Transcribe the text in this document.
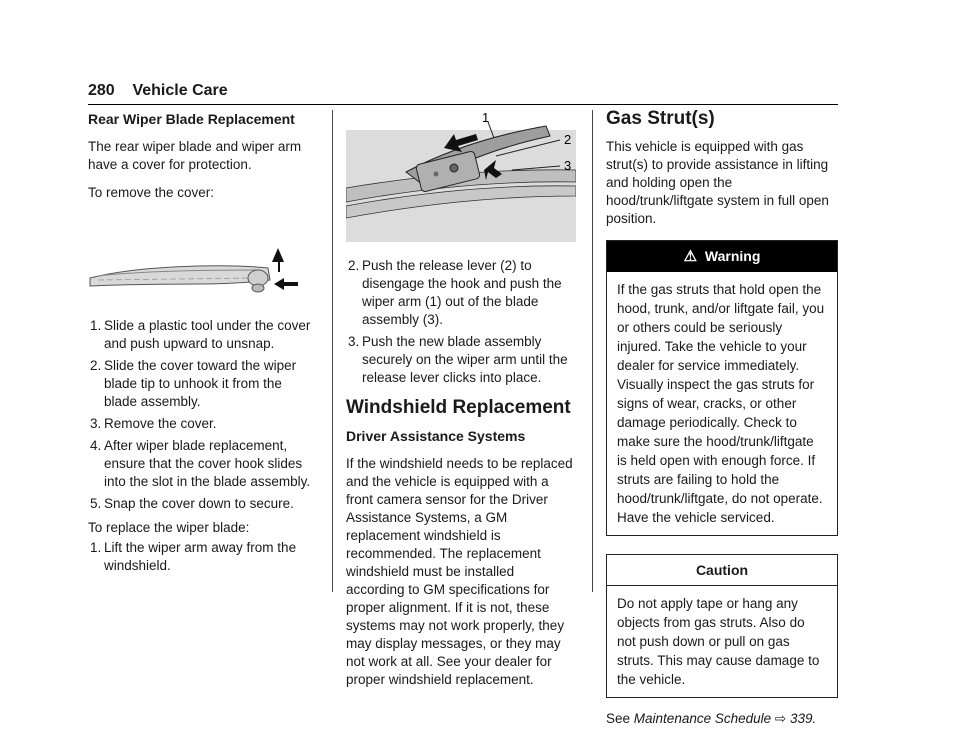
280 Vehicle Care
Rear Wiper Blade Replacement

The rear wiper blade and wiper arm have a cover for protection.

To remove the cover:

1. Slide a plastic tool under the cover and push upward to unsnap.
2. Slide the cover toward the wiper blade tip to unhook it from the blade assembly.
3. Remove the cover.
4. After wiper blade replacement, ensure that the cover hook slides into the slot in the blade assembly.
5. Snap the cover down to secure.

To replace the wiper blade:

1. Lift the wiper arm away from the windshield.
1
2
3
2. Push the release lever (2) to disengage the hook and push the wiper arm (1) out of the blade assembly (3).
3. Push the new blade assembly securely on the wiper arm until the release lever clicks into place.
Windshield Replacement
Driver Assistance Systems

If the windshield needs to be replaced and the vehicle is equipped with a front camera sensor for the Driver Assistance Systems, a GM replacement windshield is recommended. The replacement windshield must be installed according to GM specifications for proper alignment. If it is not, these systems may not work properly, they may display messages, or they may not work at all. See your dealer for proper windshield replacement.

Gas Strut(s)

This vehicle is equipped with gas strut(s) to provide assistance in lifting and holding open the hood/trunk/liftgate system in full open position.

⚠ Warning
If the gas struts that hold open the hood, trunk, and/or liftgate fail, you or others could be seriously injured. Take the vehicle to your dealer for service immediately. Visually inspect the gas struts for signs of wear, cracks, or other damage periodically. Check to make sure the hood/trunk/liftgate is held open with enough force. If struts are failing to hold the hood/trunk/liftgate, do not operate. Have the vehicle serviced.
Caution
Do not apply tape or hang any objects from gas struts. Also do not push down or pull on gas struts. This may cause damage to the vehicle.

See Maintenance Schedule ⇨ 339.
